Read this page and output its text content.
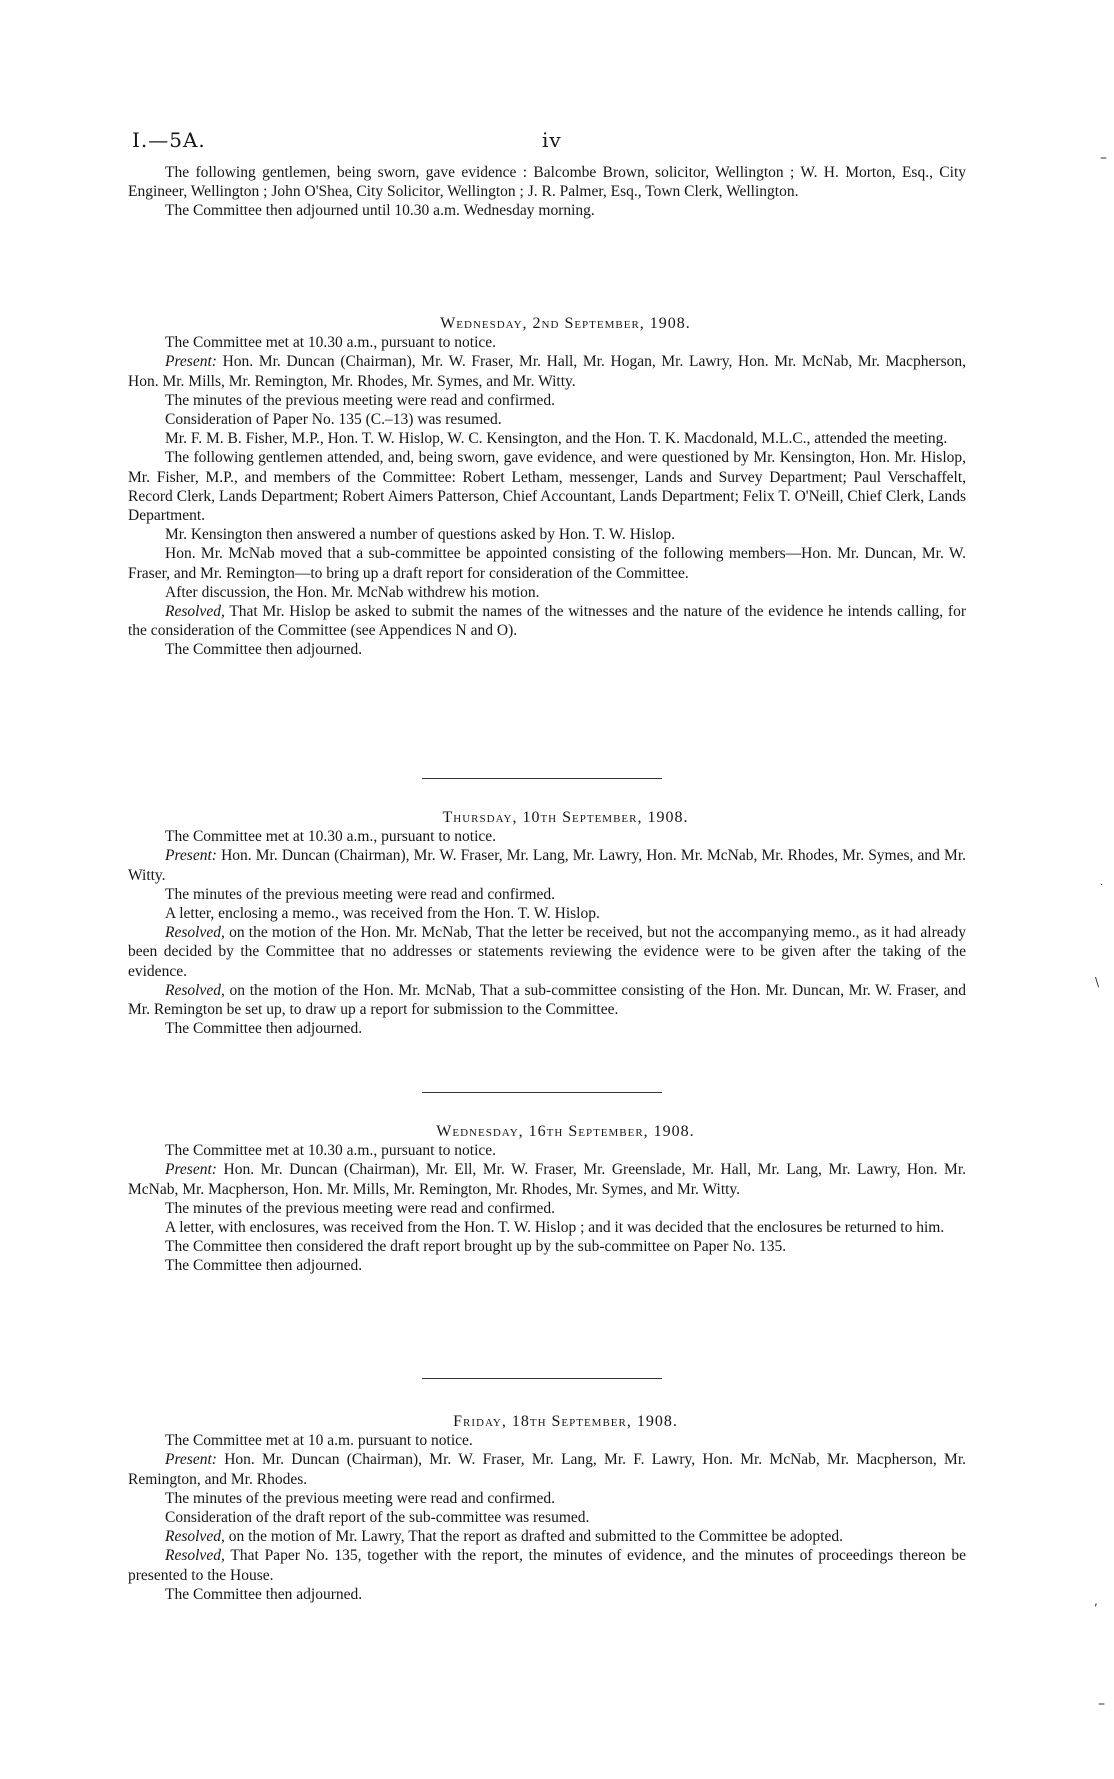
I.—5A.	iv

The following gentlemen, being sworn, gave evidence : Balcombe Brown, solicitor, Wellington ; W. H. Morton, Esq., City Engineer, Wellington ; John O'Shea, City Solicitor, Wellington ; J. R. Palmer, Esq., Town Clerk, Wellington.

The Committee then adjourned until 10.30 a.m. Wednesday morning.

Wednesday, 2nd September, 1908.

The Committee met at 10.30 a.m., pursuant to notice.

Present: Hon. Mr. Duncan (Chairman), Mr. W. Fraser, Mr. Hall, Mr. Hogan, Mr. Lawry, Hon. Mr. McNab, Mr. Macpherson, Hon. Mr. Mills, Mr. Remington, Mr. Rhodes, Mr. Symes, and Mr. Witty.

The minutes of the previous meeting were read and confirmed.

Consideration of Paper No. 135 (C.–13) was resumed.

Mr. F. M. B. Fisher, M.P., Hon. T. W. Hislop, W. C. Kensington, and the Hon. T. K. Macdonald, M.L.C., attended the meeting.

The following gentlemen attended, and, being sworn, gave evidence, and were questioned by Mr. Kensington, Hon. Mr. Hislop, Mr. Fisher, M.P., and members of the Committee: Robert Letham, messenger, Lands and Survey Department; Paul Verschaffelt, Record Clerk, Lands Department; Robert Aimers Patterson, Chief Accountant, Lands Department; Felix T. O'Neill, Chief Clerk, Lands Department.

Mr. Kensington then answered a number of questions asked by Hon. T. W. Hislop.

Hon. Mr. McNab moved that a sub-committee be appointed consisting of the following members—Hon. Mr. Duncan, Mr. W. Fraser, and Mr. Remington—to bring up a draft report for consideration of the Committee.

After discussion, the Hon. Mr. McNab withdrew his motion.

Resolved, That Mr. Hislop be asked to submit the names of the witnesses and the nature of the evidence he intends calling, for the consideration of the Committee (see Appendices N and O).

The Committee then adjourned.

Thursday, 10th September, 1908.

The Committee met at 10.30 a.m., pursuant to notice.

Present: Hon. Mr. Duncan (Chairman), Mr. W. Fraser, Mr. Lang, Mr. Lawry, Hon. Mr. McNab, Mr. Rhodes, Mr. Symes, and Mr. Witty.

The minutes of the previous meeting were read and confirmed.

A letter, enclosing a memo., was received from the Hon. T. W. Hislop.

Resolved, on the motion of the Hon. Mr. McNab, That the letter be received, but not the accompanying memo., as it had already been decided by the Committee that no addresses or statements reviewing the evidence were to be given after the taking of the evidence.

Resolved, on the motion of the Hon. Mr. McNab, That a sub-committee consisting of the Hon. Mr. Duncan, Mr. W. Fraser, and Mr. Remington be set up, to draw up a report for submission to the Committee.

The Committee then adjourned.

Wednesday, 16th September, 1908.

The Committee met at 10.30 a.m., pursuant to notice.

Present: Hon. Mr. Duncan (Chairman), Mr. Ell, Mr. W. Fraser, Mr. Greenslade, Mr. Hall, Mr. Lang, Mr. Lawry, Hon. Mr. McNab, Mr. Macpherson, Hon. Mr. Mills, Mr. Remington, Mr. Rhodes, Mr. Symes, and Mr. Witty.

The minutes of the previous meeting were read and confirmed.

A letter, with enclosures, was received from the Hon. T. W. Hislop ; and it was decided that the enclosures be returned to him.

The Committee then considered the draft report brought up by the sub-committee on Paper No. 135.

The Committee then adjourned.

Friday, 18th September, 1908.

The Committee met at 10 a.m. pursuant to notice.

Present: Hon. Mr. Duncan (Chairman), Mr. W. Fraser, Mr. Lang, Mr. F. Lawry, Hon. Mr. McNab, Mr. Macpherson, Mr. Remington, and Mr. Rhodes.

The minutes of the previous meeting were read and confirmed.

Consideration of the draft report of the sub-committee was resumed.

Resolved, on the motion of Mr. Lawry, That the report as drafted and submitted to the Committee be adopted.

Resolved, That Paper No. 135, together with the report, the minutes of evidence, and the minutes of proceedings thereon be presented to the House.

The Committee then adjourned.

–
·
\
,
–
